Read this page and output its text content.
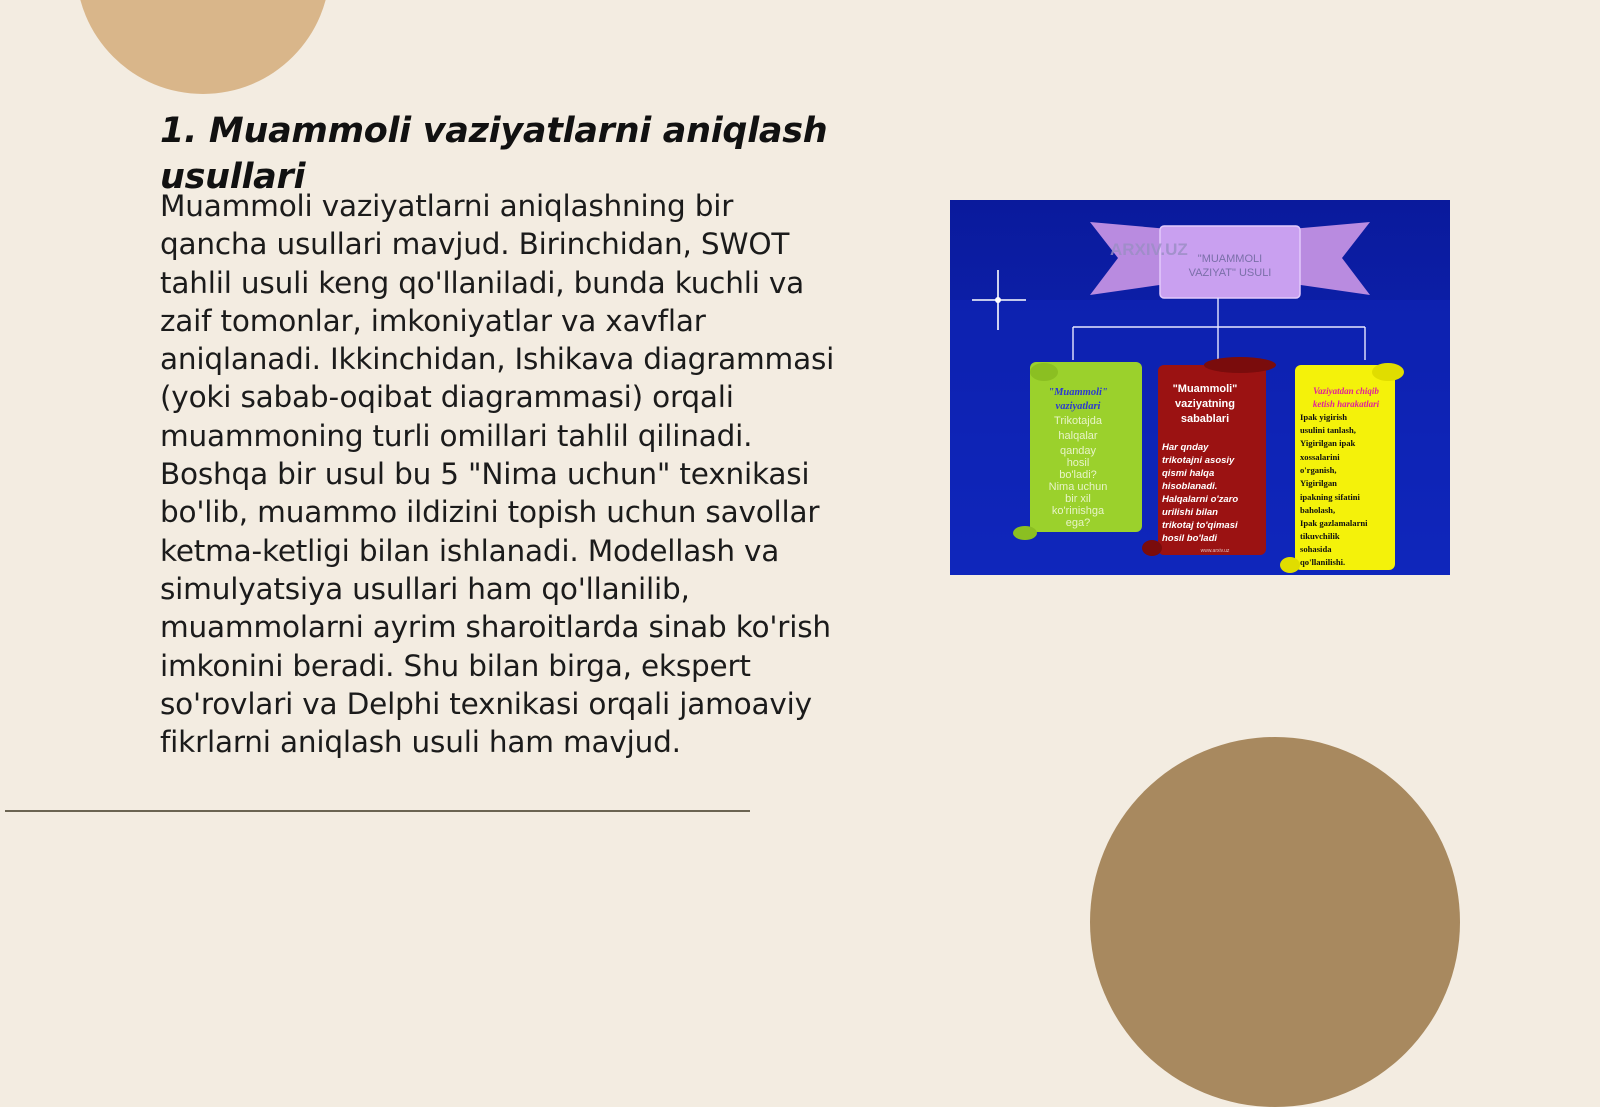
1. Muammoli vaziyatlarni aniqlash usullari

Muammoli vaziyatlarni aniqlashning bir qancha usullari mavjud. Birinchidan, SWOT tahlil usuli keng qo'llaniladi, bunda kuchli va zaif tomonlar, imkoniyatlar va xavflar aniqlanadi. Ikkinchidan, Ishikava diagrammasi (yoki sabab-oqibat diagrammasi) orqali muammoning turli omillari tahlil qilinadi. Boshqa bir usul bu 5 "Nima uchun" texnikasi bo'lib, muammo ildizini topish uchun savollar ketma-ketligi bilan ishlanadi. Modellash va simulyatsiya usullari ham qo'llanilib, muammolarni ayrim sharoitlarda sinab ko'rish imkonini beradi. Shu bilan birga, ekspert so'rovlari va Delphi texnikasi orqali jamoaviy fikrlarni aniqlash usuli ham mavjud.

ARXIV.UZ "MUAMMOLI
VAZIYAT" USULI
"Muammoli"
vaziyatlari
Trikotajda
halqalar
qanday
hosil
bo'ladi?
Nima uchun
bir xil
ko'rinishga
ega?
"Muammoli"
vaziyatning
sabablari
Har qnday
trikotajni asosiy
qismi halqa
hisoblanadi.
Halqalarni o'zaro
urilishi bilan
trikotaj to'qimasi
hosil bo'ladi
www.arxiv.uz
Vaziyatdan chiqib
ketish harakatlari
Ipak yigirish
usulini tanlash,
Yigirilgan ipak
xossalarini
o'rganish,
Yigirilgan
ipakning sifatini
baholash,
Ipak gazlamalarni
tikuvchilik
sohasida
qo'llanilishi.
